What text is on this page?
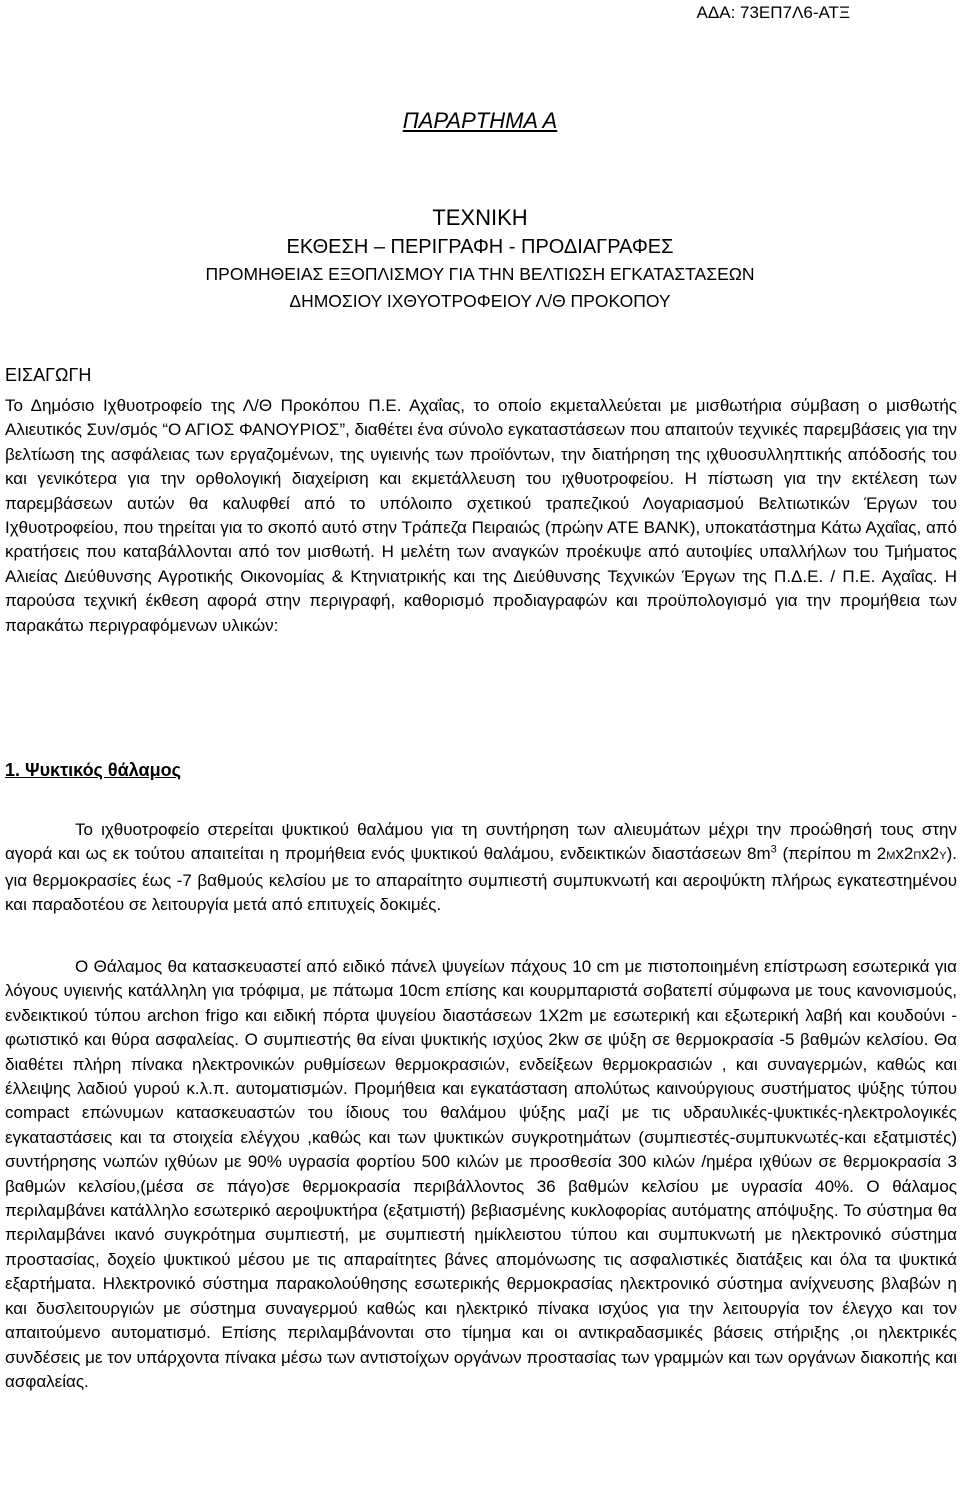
ΑΔΑ: 73ΕΠ7Λ6-ΑΤΞ
ΠΑΡΑΡΤΗΜΑ Α
ΤΕΧΝΙΚΗ
ΕΚΘΕΣΗ – ΠΕΡΙΓΡΑΦΗ - ΠΡΟΔΙΑΓΡΑΦΕΣ
ΠΡΟΜΗΘΕΙΑΣ ΕΞΟΠΛΙΣΜΟΥ ΓΙΑ ΤΗΝ ΒΕΛΤΙΩΣΗ ΕΓΚΑΤΑΣΤΑΣΕΩΝ
ΔΗΜΟΣΙΟΥ ΙΧΘΥΟΤΡΟΦΕΙΟΥ Λ/Θ ΠΡΟΚΟΠΟΥ
ΕΙΣΑΓΩΓΗ

Το Δημόσιο Ιχθυοτροφείο της Λ/Θ Προκόπου Π.Ε. Αχαΐας, το οποίο εκμεταλλεύεται με μισθωτήρια σύμβαση ο μισθωτής Αλιευτικός Συν/σμός “Ο ΑΓΙΟΣ ΦΑΝΟΥΡΙΟΣ”, διαθέτει ένα σύνολο εγκαταστάσεων που απαιτούν τεχνικές παρεμβάσεις για την βελτίωση της ασφάλειας των εργαζομένων, της υγιεινής των προϊόντων, την διατήρηση της ιχθυοσυλληπτικής απόδοσής του και γενικότερα για την ορθολογική διαχείριση και εκμετάλλευση του ιχθυοτροφείου. Η πίστωση για την εκτέλεση των παρεμβάσεων αυτών θα καλυφθεί από το υπόλοιπο σχετικού τραπεζικού Λογαριασμού Βελτιωτικών Έργων του Ιχθυοτροφείου, που τηρείται για το σκοπό αυτό στην Τράπεζα Πειραιώς (πρώην ΑΤΕ BANK), υποκατάστημα Κάτω Αχαΐας, από κρατήσεις που καταβάλλονται από τον μισθωτή. Η μελέτη των αναγκών προέκυψε από αυτοψίες υπαλλήλων του Τμήματος Αλιείας Διεύθυνσης Αγροτικής Οικονομίας & Κτηνιατρικής και της Διεύθυνσης Τεχνικών Έργων της Π.Δ.Ε. / Π.Ε. Αχαΐας. Η παρούσα τεχνική έκθεση αφορά στην περιγραφή, καθορισμό προδιαγραφών και προϋπολογισμό για την προμήθεια των παρακάτω περιγραφόμενων υλικών:

1. Ψυκτικός θάλαμος

Το ιχθυοτροφείο στερείται ψυκτικού θαλάμου για τη συντήρηση των αλιευμάτων μέχρι την προώθησή τους στην αγορά και ως εκ τούτου απαιτείται η προμήθεια ενός ψυκτικού θαλάμου, ενδεικτικών διαστάσεων $8m^3$ (περίπου m 2Mx2Πx2Y). για θερμοκρασίες έως -7 βαθμούς κελσίου με το απαραίτητο συμπιεστή συμπυκνωτή και αεροψύκτη πλήρως εγκατεστημένου και παραδοτέου σε λειτουργία μετά από επιτυχείς δοκιμές.

Ο Θάλαμος θα κατασκευαστεί από ειδικό πάνελ ψυγείων πάχους 10 cm με πιστοποιημένη επίστρωση εσωτερικά για λόγους υγιεινής κατάλληλη για τρόφιμα, με πάτωμα 10cm επίσης και κουρμπαριστά σοβατεπί σύμφωνα με τους κανονισμούς, ενδεικτικού τύπου archon frigo και ειδική πόρτα ψυγείου διαστάσεων 1Χ2m με εσωτερική και εξωτερική λαβή και κουδούνι - φωτιστικό και θύρα ασφαλείας. Ο συμπιεστής θα είναι ψυκτικής ισχύος 2kw σε ψύξη σε θερμοκρασία -5 βαθμών κελσίου. Θα διαθέτει πλήρη πίνακα ηλεκτρονικών ρυθμίσεων θερμοκρασιών, ενδείξεων θερμοκρασιών , και συναγερμών, καθώς και έλλειψης λαδιού γυρού κ.λ.π. αυτοματισμών. Προμήθεια και εγκατάσταση απολύτως καινούργιους συστήματος ψύξης τύπου compact επώνυμων κατασκευαστών του ίδιους του θαλάμου ψύξης μαζί με τις υδραυλικές-ψυκτικές-ηλεκτρολογικές εγκαταστάσεις και τα στοιχεία ελέγχου ,καθώς και των ψυκτικών συγκροτημάτων (συμπιεστές-συμπυκνωτές-και εξατμιστές) συντήρησης νωπών ιχθύων με 90% υγρασία φορτίου 500 κιλών με προσθεσία 300 κιλών /ημέρα ιχθύων σε θερμοκρασία 3 βαθμών κελσίου,(μέσα σε πάγο)σε θερμοκρασία περιβάλλοντος 36 βαθμών κελσίου με υγρασία 40%. Ο θάλαμος περιλαμβάνει κατάλληλο εσωτερικό αεροψυκτήρα (εξατμιστή) βεβιασμένης κυκλοφορίας αυτόματης απόψυξης. Το σύστημα θα περιλαμβάνει ικανό συγκρότημα συμπιεστή, με συμπιεστή ημίκλειστου τύπου και συμπυκνωτή με ηλεκτρονικό σύστημα προστασίας, δοχείο ψυκτικού μέσου με τις απαραίτητες βάνες απομόνωσης τις ασφαλιστικές διατάξεις και όλα τα ψυκτικά εξαρτήματα. Ηλεκτρονικό σύστημα παρακολούθησης εσωτερικής θερμοκρασίας ηλεκτρονικό σύστημα ανίχνευσης βλαβών η και δυσλειτουργιών με σύστημα συναγερμού καθώς και ηλεκτρικό πίνακα ισχύος για την λειτουργία τον έλεγχο και τον απαιτούμενο αυτοματισμό. Επίσης περιλαμβάνονται στο τίμημα και οι αντικραδασμικές βάσεις στήριξης ,οι ηλεκτρικές συνδέσεις με τον υπάρχοντα πίνακα μέσω των αντιστοίχων οργάνων προστασίας των γραμμών και των οργάνων διακοπής και ασφαλείας.
